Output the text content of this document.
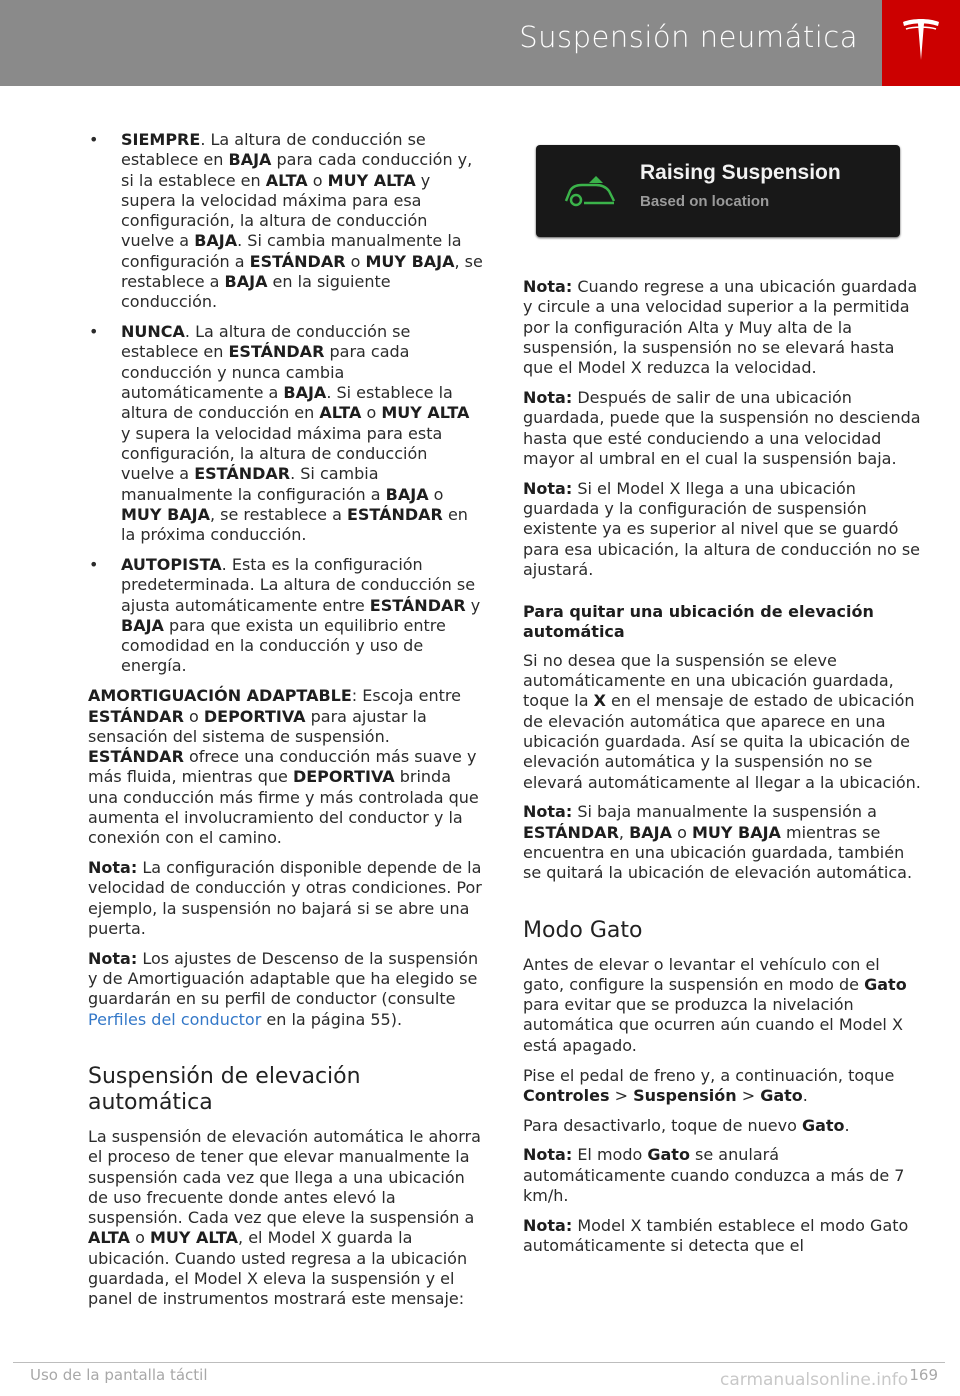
Suspensión neumática
• SIEMPRE. La altura de conducción se establece en BAJA para cada conducción y, si la establece en ALTA o MUY ALTA y supera la velocidad máxima para esa configuración, la altura de conducción vuelve a BAJA. Si cambia manualmente la configuración a ESTÁNDAR o MUY BAJA, se restablece a BAJA en la siguiente conducción.
• NUNCA. La altura de conducción se establece en ESTÁNDAR para cada conducción y nunca cambia automáticamente a BAJA. Si establece la altura de conducción en ALTA o MUY ALTA y supera la velocidad máxima para esta configuración, la altura de conducción vuelve a ESTÁNDAR. Si cambia manualmente la configuración a BAJA o MUY BAJA, se restablece a ESTÁNDAR en la próxima conducción.
• AUTOPISTA. Esta es la configuración predeterminada. La altura de conducción se ajusta automáticamente entre ESTÁNDAR y BAJA para que exista un equilibrio entre comodidad en la conducción y uso de energía.

AMORTIGUACIÓN ADAPTABLE: Escoja entre ESTÁNDAR o DEPORTIVA para ajustar la sensación del sistema de suspensión. ESTÁNDAR ofrece una conducción más suave y más fluida, mientras que DEPORTIVA brinda una conducción más firme y más controlada que aumenta el involucramiento del conductor y la conexión con el camino.

Nota: La configuración disponible depende de la velocidad de conducción y otras condiciones. Por ejemplo, la suspensión no bajará si se abre una puerta.

Nota: Los ajustes de Descenso de la suspensión y de Amortiguación adaptable que ha elegido se guardarán en su perfil de conductor (consulte Perfiles del conductor en la página 55).

Suspensión de elevación automática

La suspensión de elevación automática le ahorra el proceso de tener que elevar manualmente la suspensión cada vez que llega a una ubicación de uso frecuente donde antes elevó la suspensión. Cada vez que eleve la suspensión a ALTA o MUY ALTA, el Model X guarda la ubicación. Cuando usted regresa a la ubicación guardada, el Model X eleva la suspensión y el panel de instrumentos mostrará este mensaje:

Raising Suspension
Based on location

Nota: Cuando regrese a una ubicación guardada y circule a una velocidad superior a la permitida por la configuración Alta y Muy alta de la suspensión, la suspensión no se elevará hasta que el Model X reduzca la velocidad.

Nota: Después de salir de una ubicación guardada, puede que la suspensión no descienda hasta que esté conduciendo a una velocidad mayor al umbral en el cual la suspensión baja.

Nota: Si el Model X llega a una ubicación guardada y la configuración de suspensión existente ya es superior al nivel que se guardó para esa ubicación, la altura de conducción no se ajustará.

Para quitar una ubicación de elevación automática

Si no desea que la suspensión se eleve automáticamente en una ubicación guardada, toque la X en el mensaje de estado de ubicación de elevación automática que aparece en una ubicación guardada. Así se quita la ubicación de elevación automática y la suspensión no se elevará automáticamente al llegar a la ubicación.

Nota: Si baja manualmente la suspensión a ESTÁNDAR, BAJA o MUY BAJA mientras se encuentra en una ubicación guardada, también se quitará la ubicación de elevación automática.

Modo Gato

Antes de elevar o levantar el vehículo con el gato, configure la suspensión en modo de Gato para evitar que se produzca la nivelación automática que ocurren aún cuando el Model X está apagado.

Pise el pedal de freno y, a continuación, toque Controles > Suspensión > Gato.

Para desactivarlo, toque de nuevo Gato.

Nota: El modo Gato se anulará automáticamente cuando conduzca a más de 7 km/h.

Nota: Model X también establece el modo Gato automáticamente si detecta que el

Uso de la pantalla táctil	carmanualsonline.info 169
